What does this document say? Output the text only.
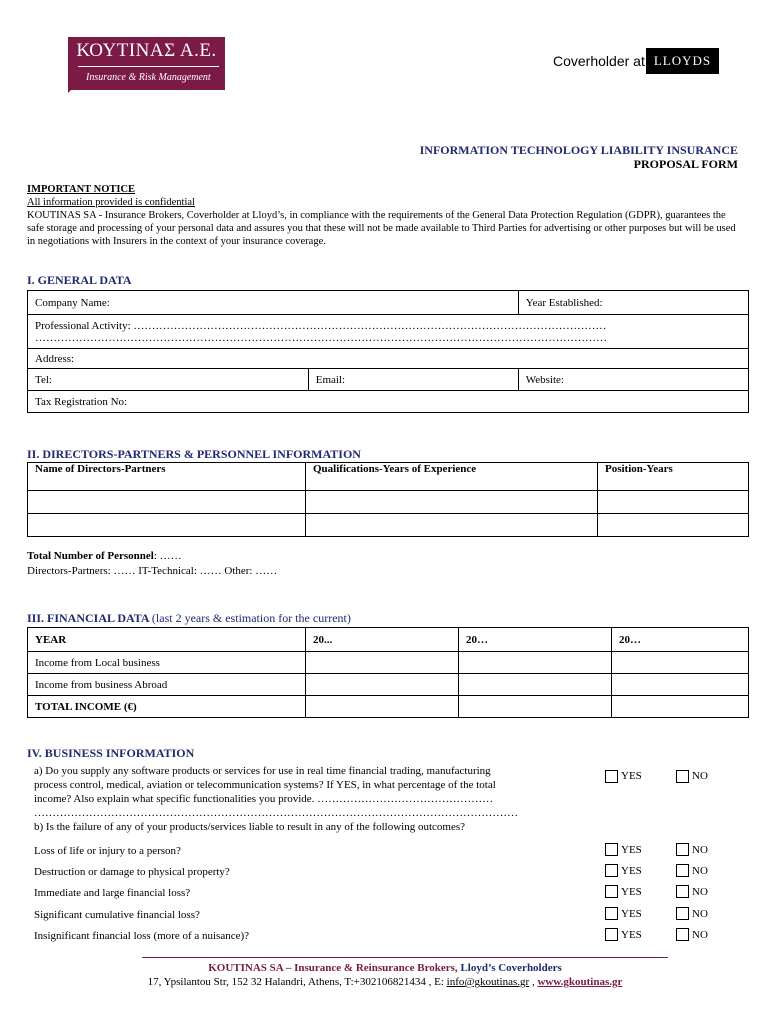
ΚΟΥΤΙΝΑΣ Α.Ε.
Insurance & Risk Management
Coverholder at LLOYDS
INFORMATION TECHNOLOGY LIABILITY INSURANCE
PROPOSAL FORM
IMPORTANT NOTICE
All information provided is confidential
KOUTINAS SA - Insurance Brokers, Coverholder at Lloyd’s, in compliance with the requirements of the General Data Protection Regulation (GDPR), guarantees the safe storage and processing of your personal data and assures you that these will not be made available to Third Parties for advertising or other purposes but will be used in negotiations with Insurers in the context of your insurance coverage.
I. GENERAL DATA
Company Name:		Year Established:

Professional Activity: …………………………………………………………………………………………………………………
…………………………………………………………………………………………………………………………………………		

Address:		
Tel:	Email:	Website:
Tax Registration No:		
II. DIRECTORS-PARTNERS & PERSONNEL INFORMATION
Name of Directors-Partners	Qualifications-Years of Experience	Position-Years

Total Number of Personnel: ……
Directors-Partners: …… IT-Technical: …… Other: ……
III. FINANCIAL DATA (last 2 years & estimation for the current)
YEAR	20...	20…	20…
Income from Local business			
Income from business Abroad			
TOTAL INCOME (€)			
IV. BUSINESS INFORMATION
a) Do you supply any software products or services for use in real time financial trading, manufacturing
process control, medical, aviation or telecommunication systems? If YES, in what percentage of the total
income? Also explain what specific functionalities you provide. …………………………………………
……………………………………………………………………………………………………………………
b) Is the failure of any of your products/services liable to result in any of the following outcomes?
YES	NO
Loss of life or injury to a person?	YES	NO
Destruction or damage to physical property?	YES	NO
Immediate and large financial loss?	YES	NO
Significant cumulative financial loss?	YES	NO
Insignificant financial loss (more of a nuisance)?	YES	NO
KOUTINAS SA – Insurance & Reinsurance Brokers, Lloyd’s Coverholders
17, Ypsilantou Str, 152 32 Halandri, Athens, T:+302106821434 , E: info@gkoutinas.gr , www.gkoutinas.gr
